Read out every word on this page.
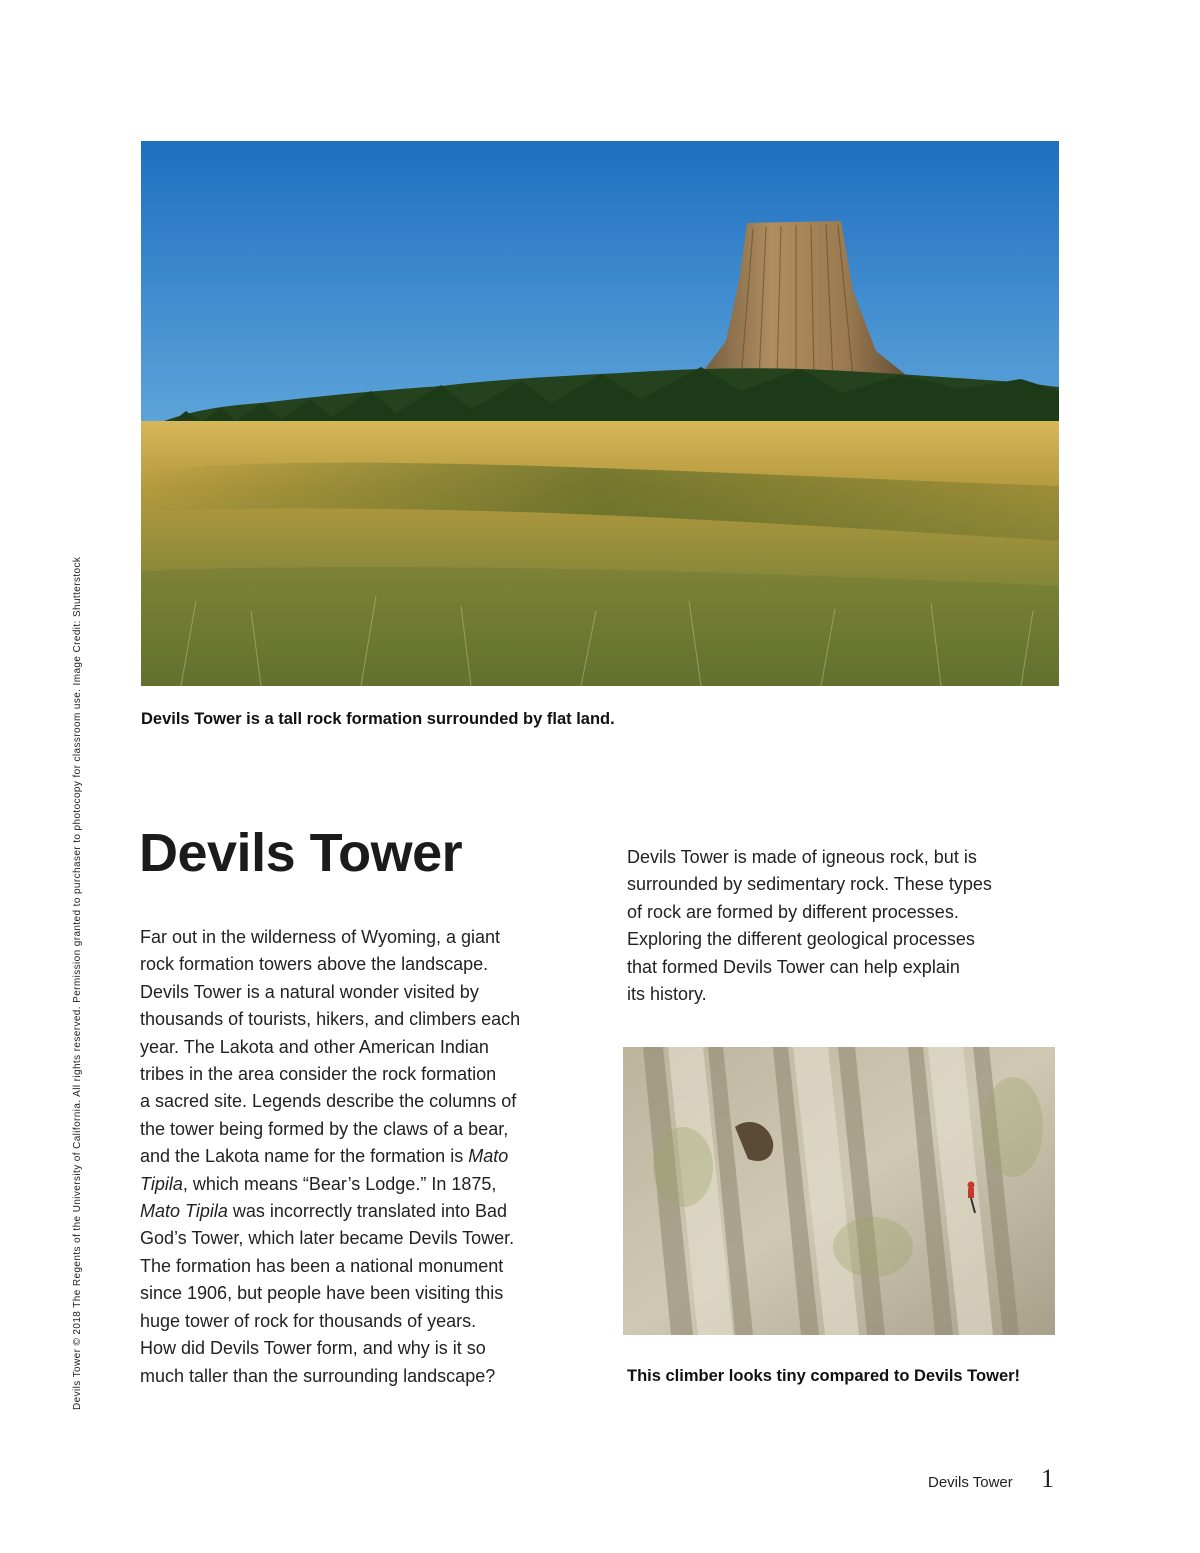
Devils Tower © 2018 The Regents of the University of California. All rights reserved. Permission granted to purchaser to photocopy for classroom use. Image Credit: Shutterstock	Devils Tower is a tall rock formation surrounded by flat land.
Devils Tower

Far out in the wilderness of Wyoming, a giant
rock formation towers above the landscape.
Devils Tower is a natural wonder visited by
thousands of tourists, hikers, and climbers each
year. The Lakota and other American Indian
tribes in the area consider the rock formation
a sacred site. Legends describe the columns of
the tower being formed by the claws of a bear,
and the Lakota name for the formation is Mato
Tipila, which means “Bear’s Lodge.” In 1875,
Mato Tipila was incorrectly translated into Bad
God’s Tower, which later became Devils Tower.
The formation has been a national monument
since 1906, but people have been visiting this
huge tower of rock for thousands of years.
How did Devils Tower form, and why is it so
much taller than the surrounding landscape?

Devils Tower is made of igneous rock, but is
surrounded by sedimentary rock. These types
of rock are formed by different processes.
Exploring the different geological processes
that formed Devils Tower can help explain
its history.

This climber looks tiny compared to Devils Tower!
Devils Tower 1
